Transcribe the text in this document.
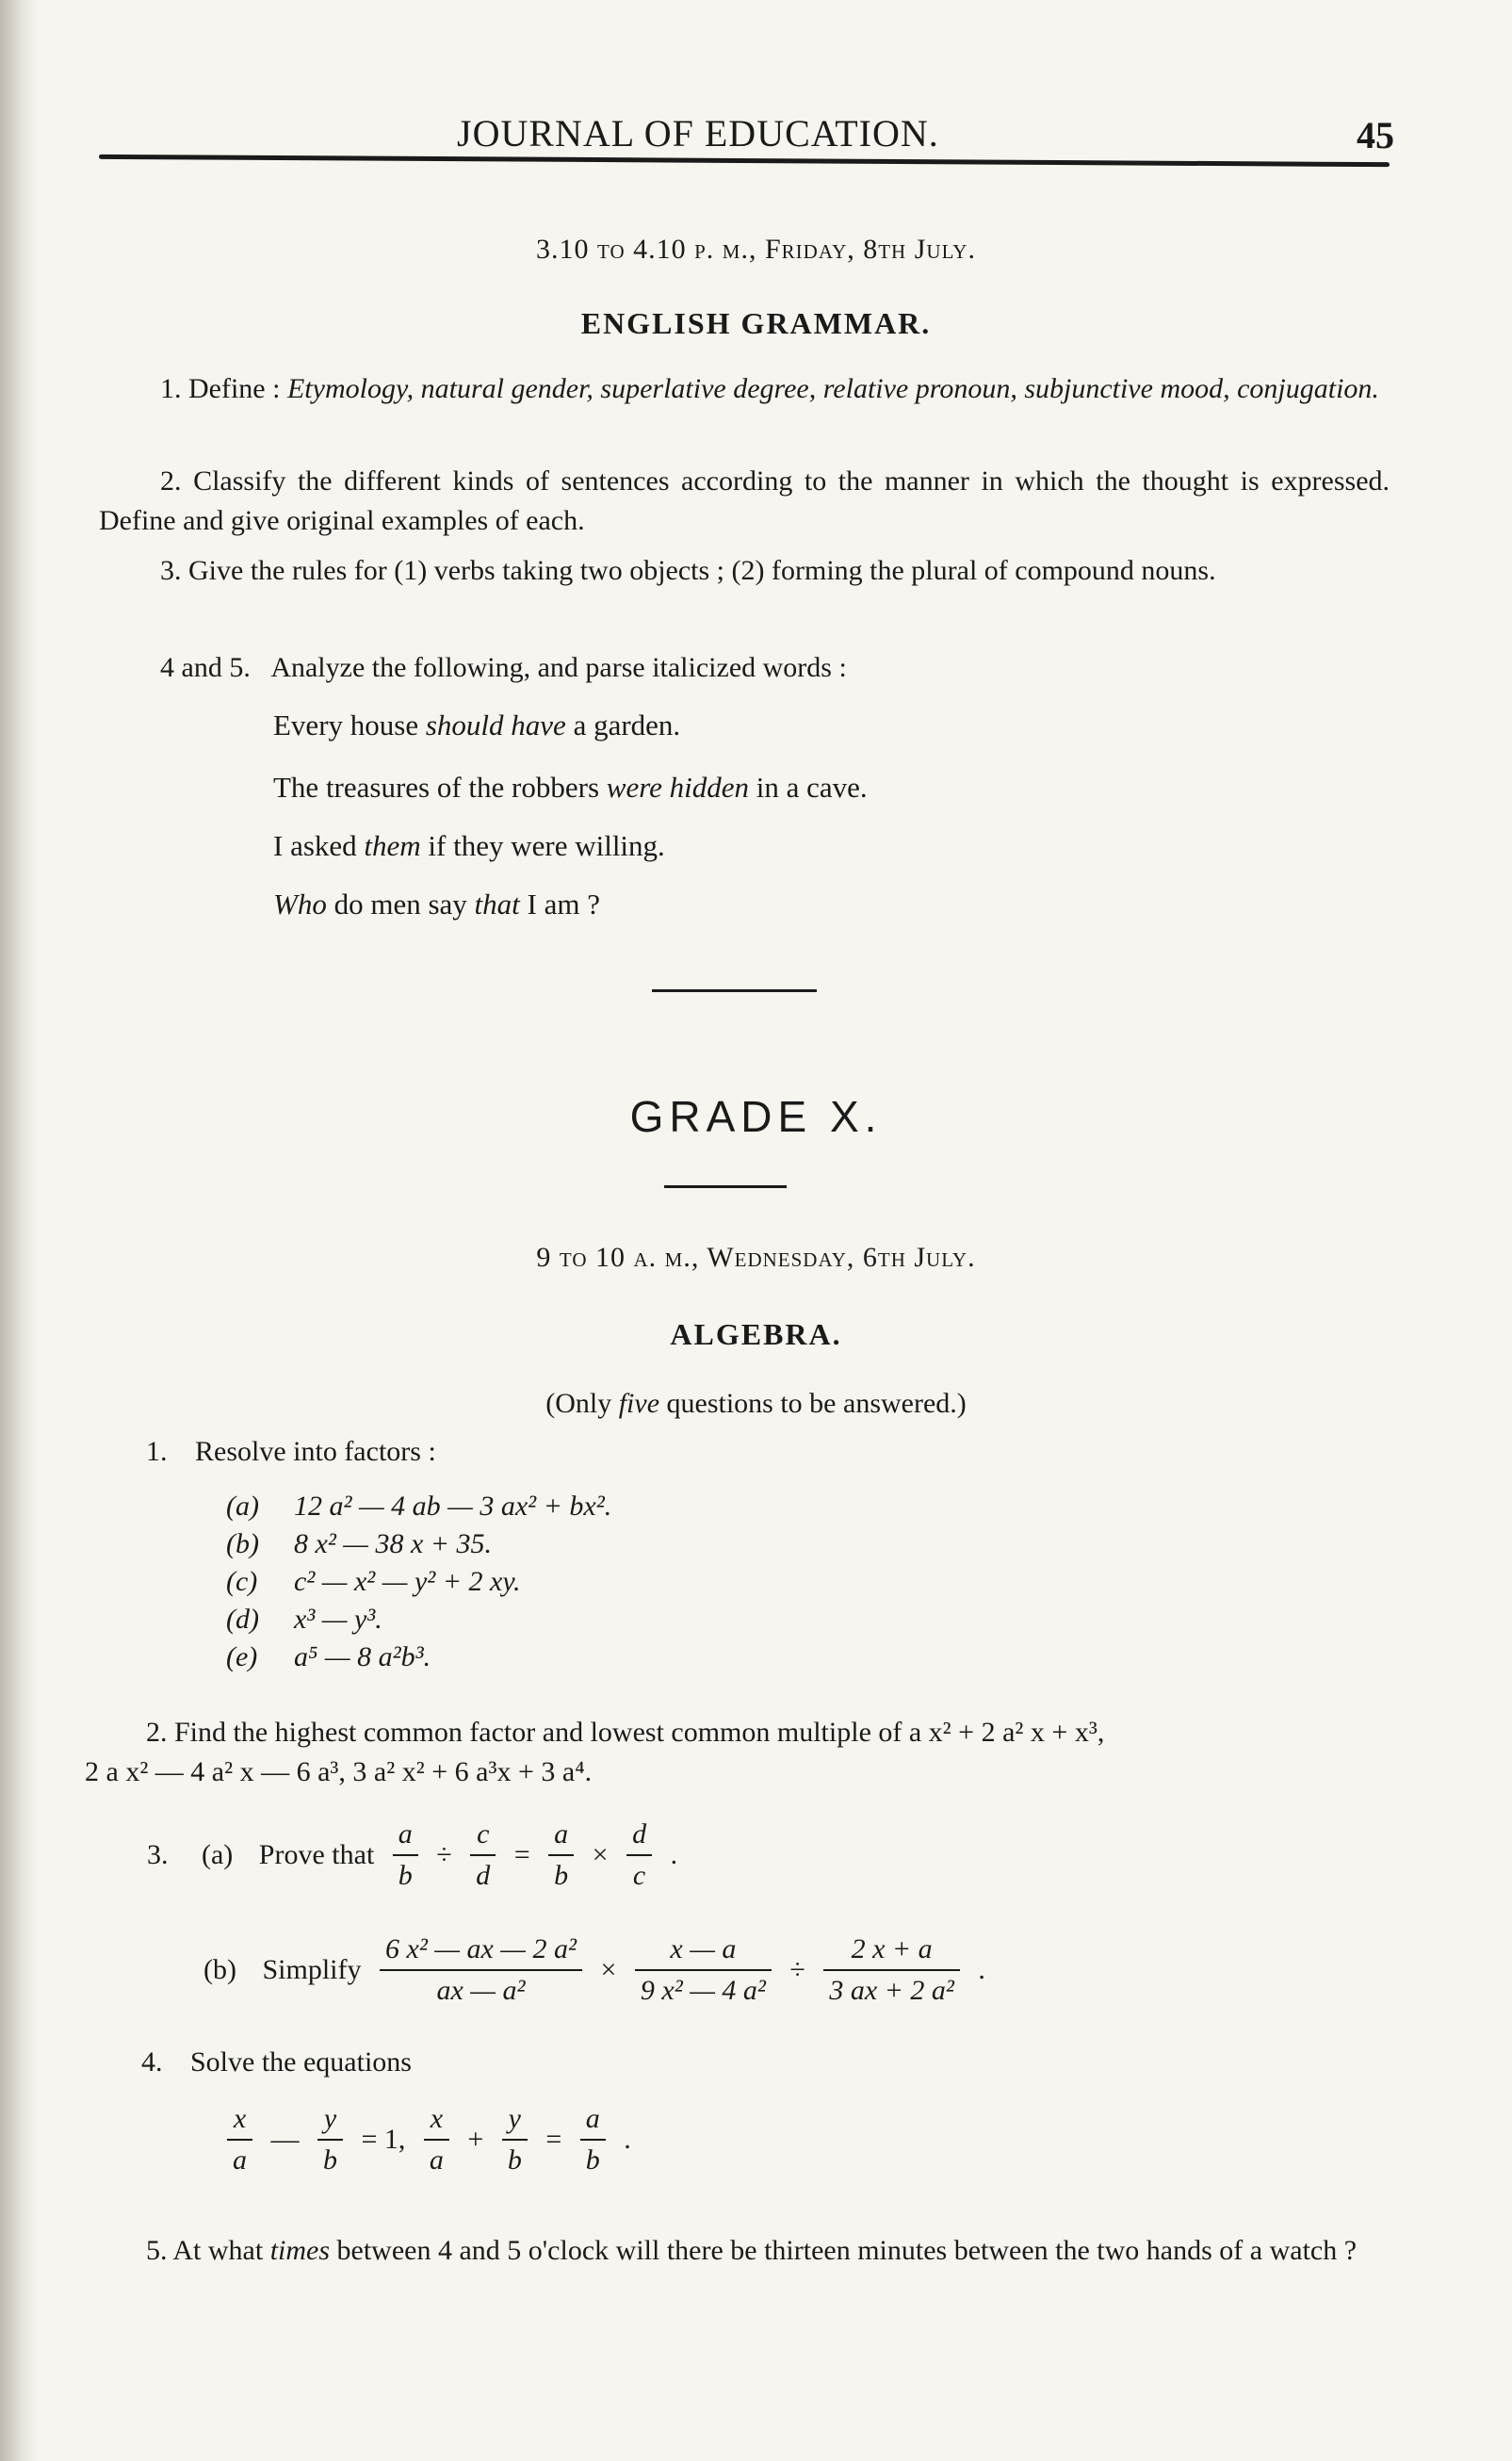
JOURNAL OF EDUCATION.	45
3.10 to 4.10 p. m., Friday, 8th July.
ENGLISH GRAMMAR.
1. Define : Etymology, natural gender, superlative degree, relative pronoun, subjunctive mood, conjugation.
2. Classify the different kinds of sentences according to the manner in which the thought is expressed. Define and give original examples of each.
3. Give the rules for (1) verbs taking two objects ; (2) forming the plural of compound nouns.
4 and 5. Analyze the following, and parse italicized words :
Every house should have a garden.
The treasures of the robbers were hidden in a cave.
I asked them if they were willing.
Who do men say that I am ?
GRADE X.
9 to 10 a. m., Wednesday, 6th July.
ALGEBRA.
(Only five questions to be answered.)
1. Resolve into factors :
(a) 12 a² — 4 ab — 3 ax² + bx².
(b) 8 x² — 38 x + 35.
(c) c² — x² — y² + 2 xy.
(d) x³ — y³.
(e) a⁵ — 8 a²b³.
2. Find the highest common factor and lowest common multiple of a x² + 2 a² x + x³,
2 a x² — 4 a² x — 6 a³, 3 a² x² + 6 a³x + 3 a⁴.
3. (a) Prove that $\frac{a}{b} \div \frac{c}{d} = \frac{a}{b} \times \frac{d}{c}$ .
(b) Simplify $\frac{\text{6 x² — ax — 2 a²}}{\text{ax — a²}} \times \frac{x — a}{\text{9 x² — 4 a²}} \div \frac{2 x + a}{\text{3 ax + 2 a²}}$ .
4. Solve the equations
$\frac{x}{a}$ — $\frac{y}{b} = 1$, $\frac{x}{a} + \frac{y}{b} = \frac{a}{b}$ .
5. At what times between 4 and 5 o'clock will there be thirteen minutes between the two hands of a watch ?
